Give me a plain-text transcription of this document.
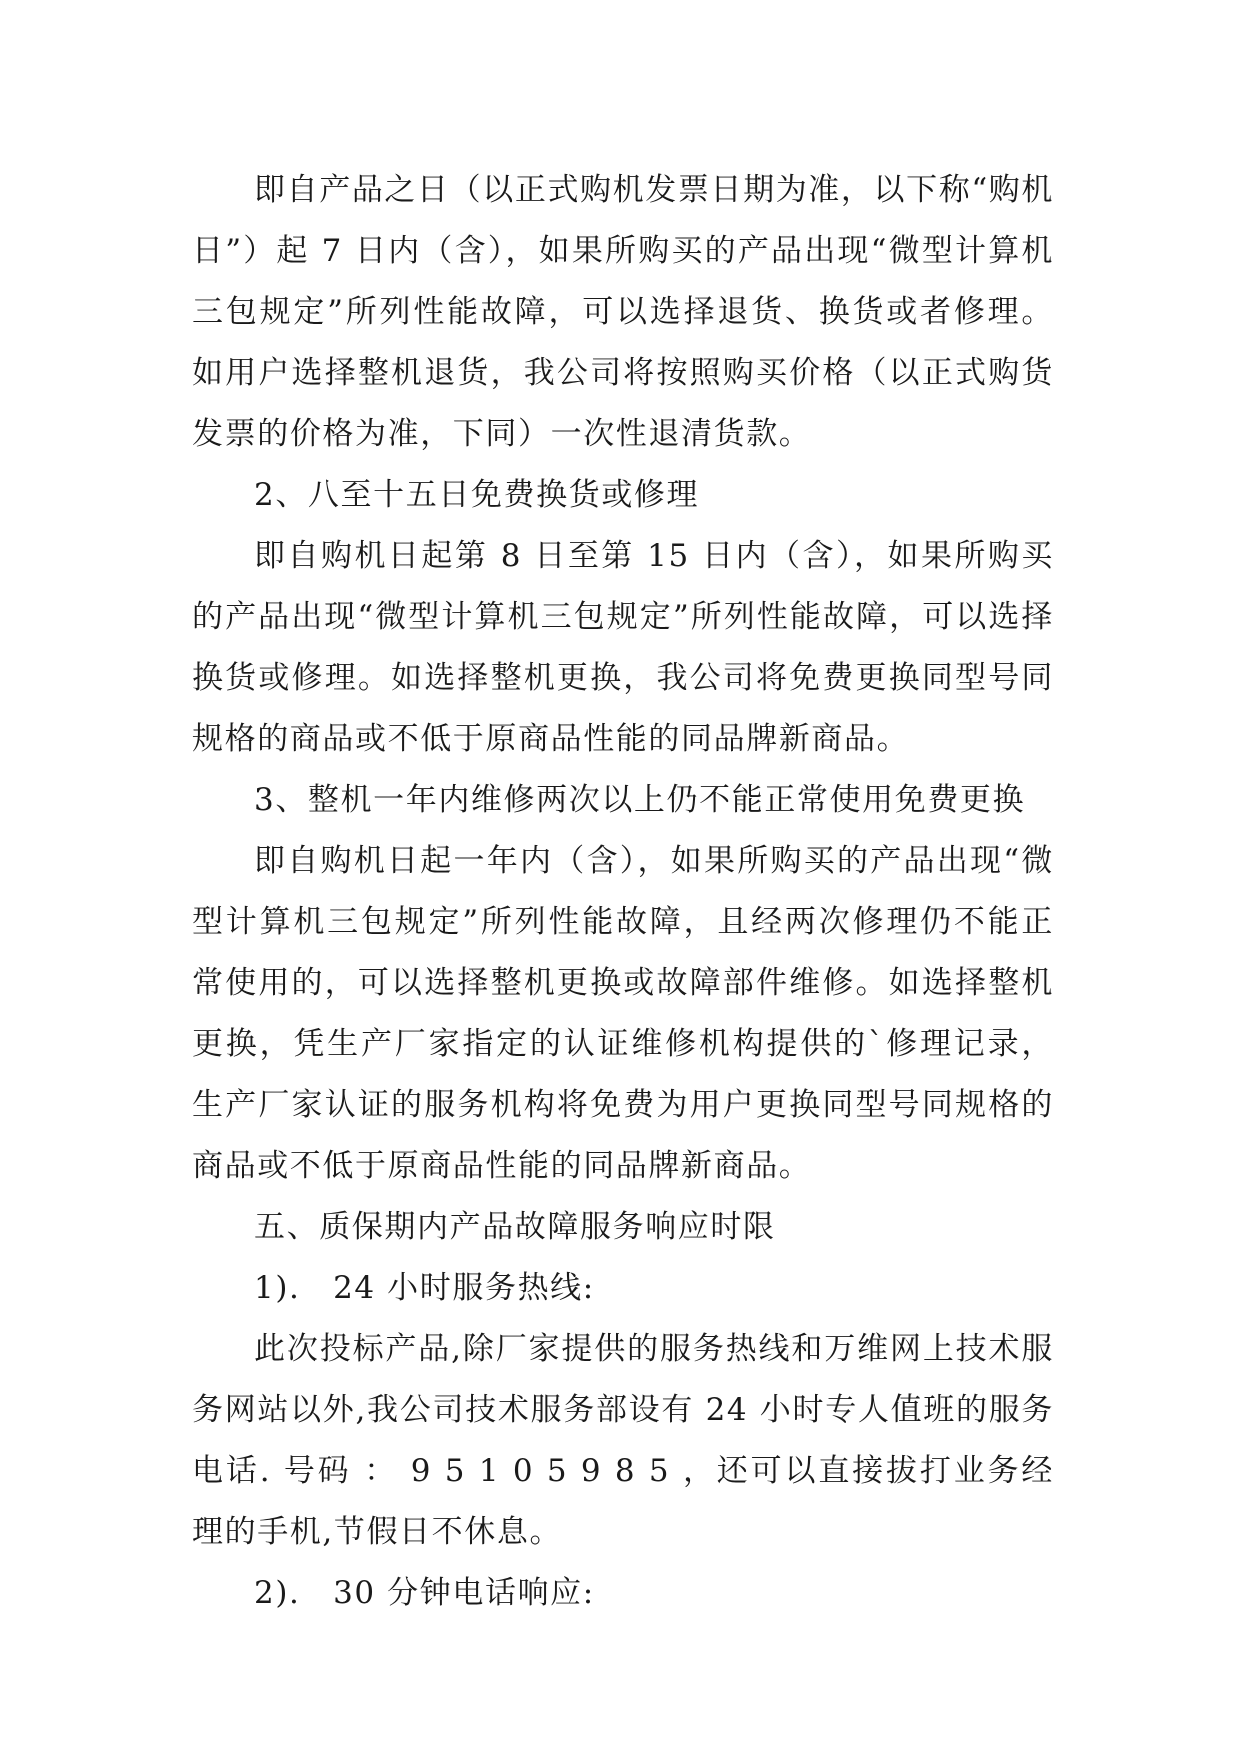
即自产品之日（以正式购机发票日期为准，以下称“购机日”）起 7 日内（含），如果所购买的产品出现“微型计算机三包规定”所列性能故障，可以选择退货、换货或者修理。如用户选择整机退货，我公司将按照购买价格（以正式购货发票的价格为准，下同）一次性退清货款。

2、八至十五日免费换货或修理

即自购机日起第 8 日至第 15 日内（含），如果所购买的产品出现“微型计算机三包规定”所列性能故障，可以选择换货或修理。如选择整机更换，我公司将免费更换同型号同规格的商品或不低于原商品性能的同品牌新商品。

3、整机一年内维修两次以上仍不能正常使用免费更换

即自购机日起一年内（含），如果所购买的产品出现“微型计算机三包规定”所列性能故障，且经两次修理仍不能正常使用的，可以选择整机更换或故障部件维修。如选择整机更换，凭生产厂家指定的认证维修机构提供的`修理记录，生产厂家认证的服务机构将免费为用户更换同型号同规格的商品或不低于原商品性能的同品牌新商品。

五、质保期内产品故障服务响应时限

1).　24 小时服务热线:

此次投标产品,除厂家提供的服务热线和万维网上技术服务网站以外,我公司技术服务部设有 24 小时专人值班的服务电话. 号码 ： 9 5 1 0 5 9 8 5 ，还可以直接拔打业务经理的手机,节假日不休息。

2).　30 分钟电话响应:
